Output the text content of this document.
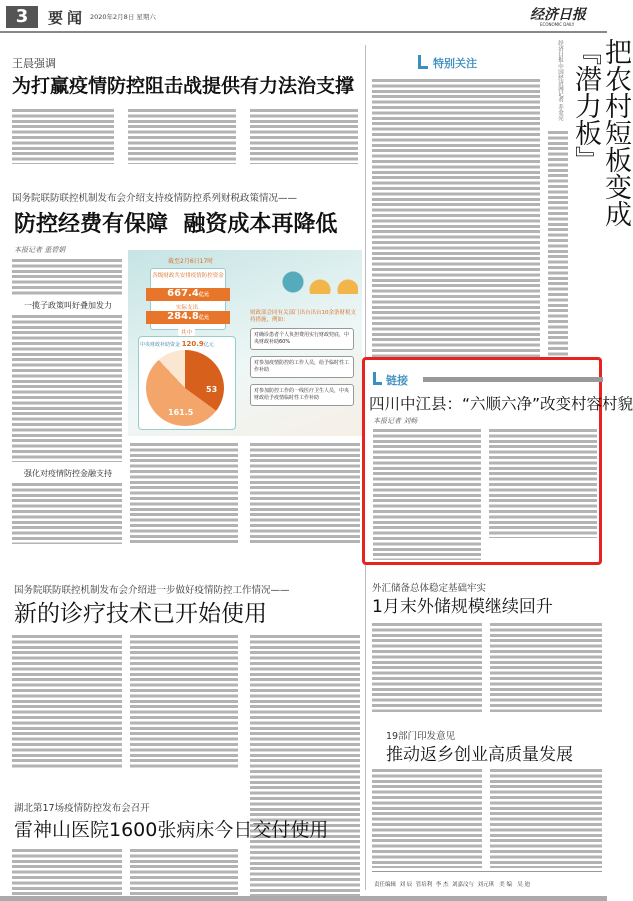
3	要闻 2020年2月8日 星期六	经济日报
ECONOMIC DAILY
王晨强调
为打赢疫情防控阻击战提供有力法治支撑
国务院联防联控机制发布会介绍支持疫情防控系列财税政策情况——
防控经费有保障  融资成本再降低
本报记者 董碧娟
一揽子政策叫好叠加发力
强化对疫情防控金融支持
截至2月6日17时
各级财政共安排疫情防控资金
667.4亿元
实际支出
284.8亿元
其中
中央财政补助资金 120.9亿元
53
161.5
财政部会同有关部门出台出台10余条财税支持措施，例如：
对确诊患者个人负担费用实行财政兜底，中央财政补助60%
对参加疫情防控的工作人员，给予临时性工作补助
对参加防控工作的一线医疗卫生人员，中央财政给予疫情临时性工作补助
国务院联防联控机制发布会介绍进一步做好疫情防控工作情况——
新的诊疗技术已开始使用
湖北第17场疫情防控发布会召开
雷神山医院1600张病床今日交付使用
特别关注	经济日报·中国经济网记者 乔金亮	把农村短板变成『潜力板』
链接
四川中江县：“六顺六净”改变村容村貌
本报记者 刘畅
外汇储备总体稳定基础牢实
1月末外储规模继续回升
19部门印发意见
推动返乡创业高质量发展
责任编辑  刘 辰  管培利  李 杰  刘嘉汶与  刘元琪   美 编   吴 迪
